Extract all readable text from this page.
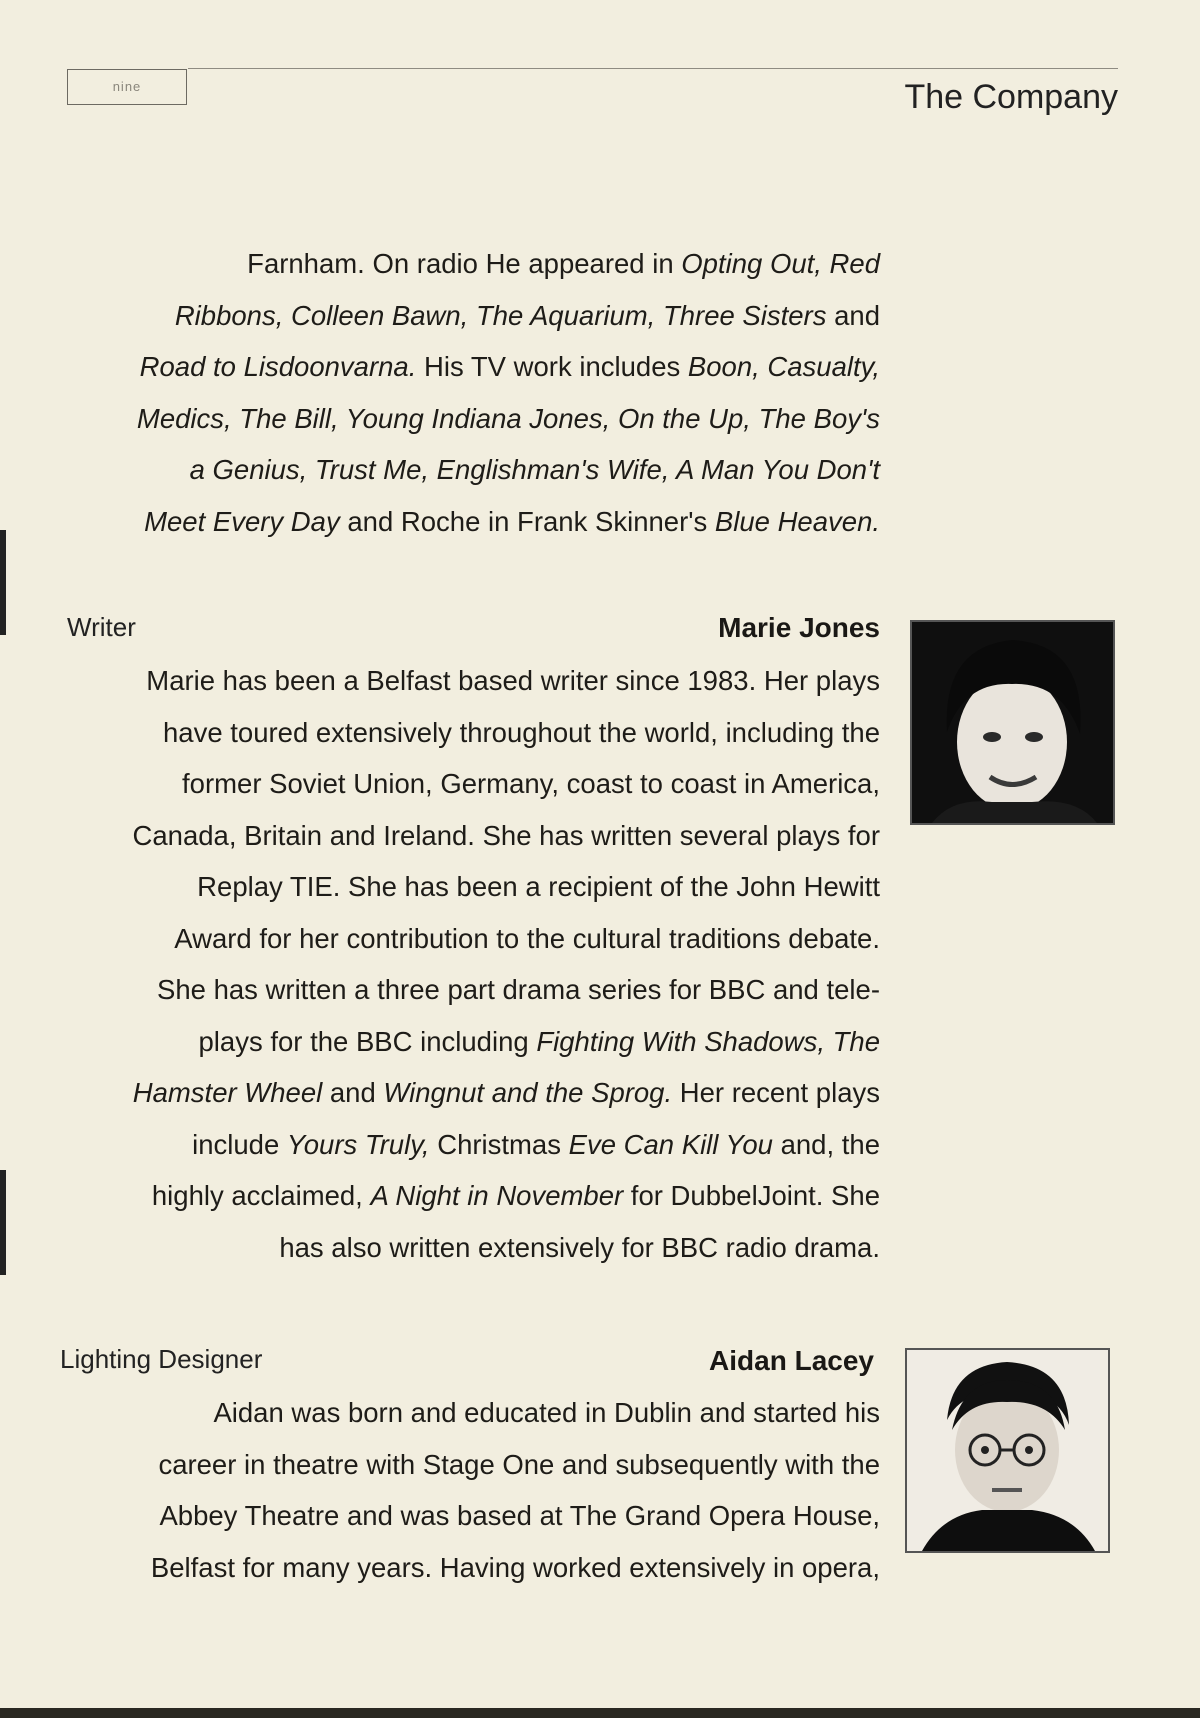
nine	The Company
Farnham. On radio He appeared in Opting Out, Red
Ribbons, Colleen Bawn, The Aquarium, Three Sisters and
Road to Lisdoonvarna. His TV work includes Boon, Casualty,
Medics, The Bill, Young Indiana Jones, On the Up, The Boy's
a Genius, Trust Me, Englishman's Wife, A Man You Don't
Meet Every Day and Roche in Frank Skinner's Blue Heaven.
Writer	Marie Jones
Marie has been a Belfast based writer since 1983. Her plays
have toured extensively throughout the world, including the
former Soviet Union, Germany, coast to coast in America,
Canada, Britain and Ireland. She has written several plays for
Replay TIE. She has been a recipient of the John Hewitt
Award for her contribution to the cultural traditions debate.
She has written a three part drama series for BBC and tele-
plays for the BBC including Fighting With Shadows, The
Hamster Wheel and Wingnut and the Sprog. Her recent plays
include Yours Truly, Christmas Eve Can Kill You and, the
highly acclaimed, A Night in November for DubbelJoint. She
has also written extensively for BBC radio drama.
Lighting Designer	Aidan Lacey
Aidan was born and educated in Dublin and started his
career in theatre with Stage One and subsequently with the
Abbey Theatre and was based at The Grand Opera House,
Belfast for many years. Having worked extensively in opera,
